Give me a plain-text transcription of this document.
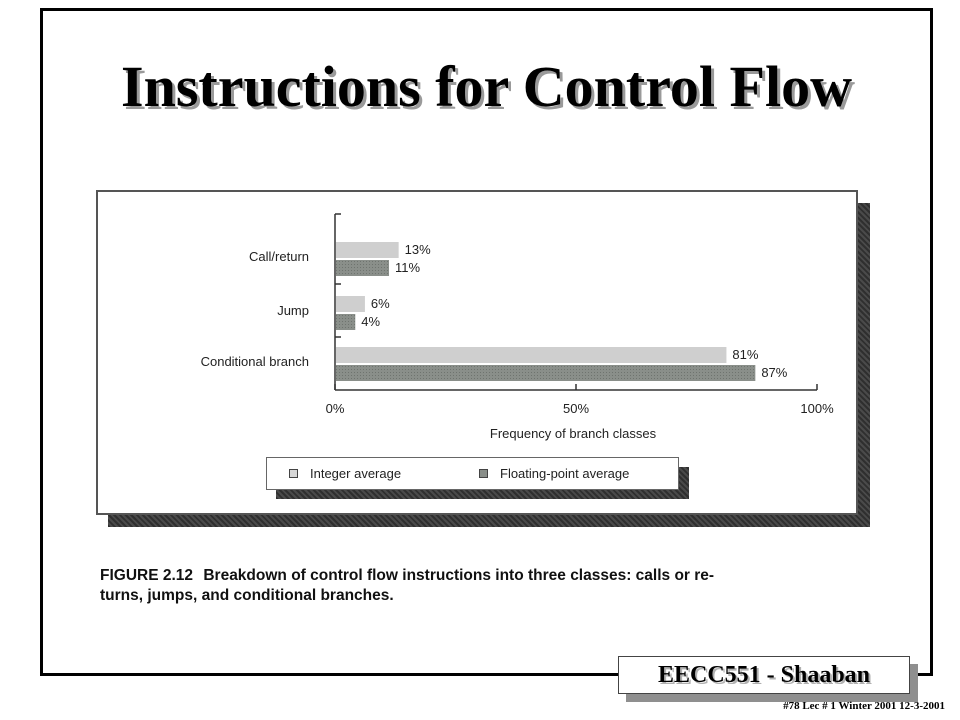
Instructions for Control Flow
0%	50%	100%
Frequency of branch classes
Call/return	13%
11%
Jump	6%
4%
Conditional branch	81%
87%
Integer average	Floating-point average
FIGURE 2.12 Breakdown of control flow instructions into three classes: calls or re-
turns, jumps, and conditional branches.
EECC551 - Shaaban
#78 Lec # 1 Winter 2001 12-3-2001
